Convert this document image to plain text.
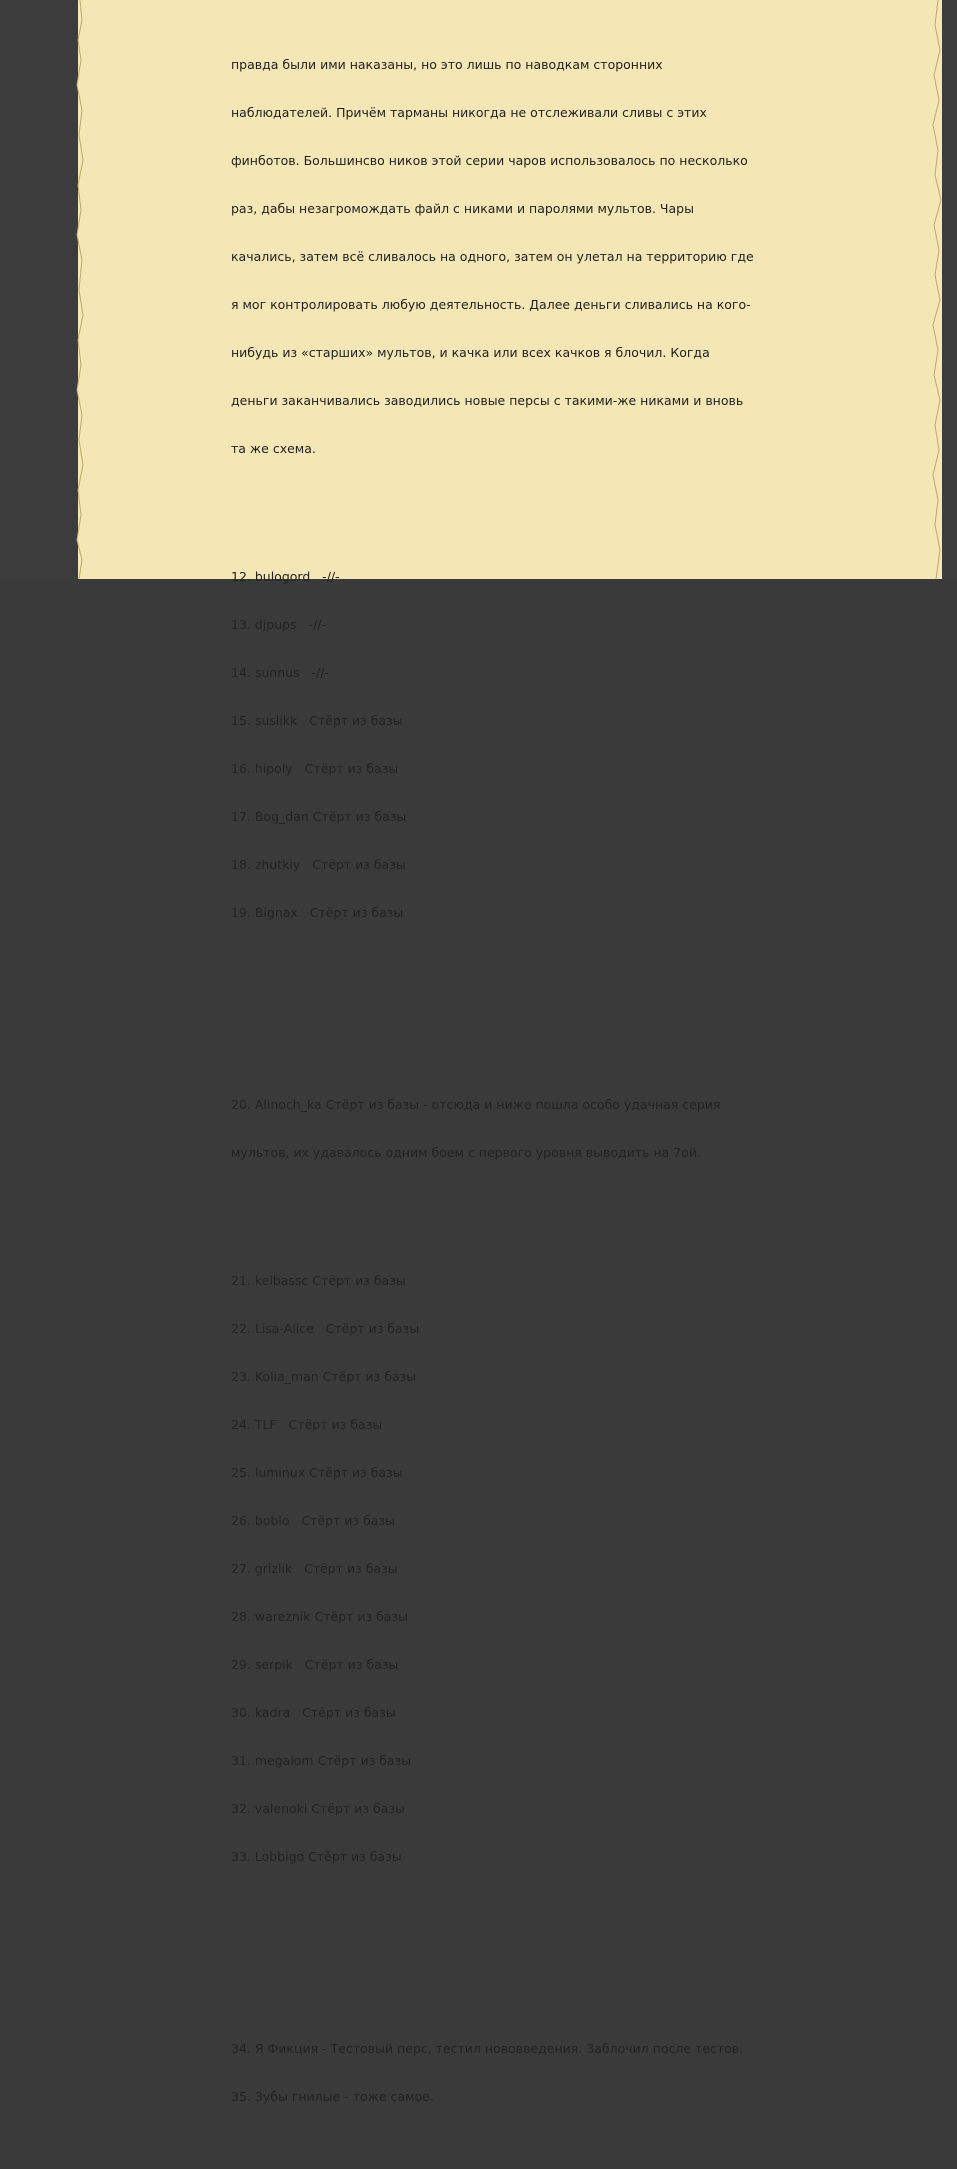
правда были ими наказаны, но это лишь по наводкам сторонних

наблюдателей. Причём тарманы никогда не отслеживали сливы с этих

финботов. Большинсво ников этой серии чаров использовалось по несколько

раз, дабы незагромождать файл с никами и паролями мультов. Чары

качались, затем всё сливалось на одного, затем он улетал на территорию где

я мог контролировать любую деятельность. Далее деньги сливались на кого-

нибудь из «старших» мультов, и качка или всех качков я блочил. Когда

деньги заканчивались заводились новые персы с такими-же никами и вновь

та же схема.

12. bulogord   -//-

13. djpups   -//-

14. sunnus   -//-

15. suslikk   Стёрт из базы

16. hipoly   Стёрт из базы

17. Bog_dan Стёрт из базы

18. zhutkiy   Стёрт из базы

19. Bignax   Стёрт из базы

20. Alinoch_ka Стёрт из базы - отсюда и ниже пошла особо удачная серия

мультов, их удавалось одним боем с первого уровня выводить на 7ой.

21. kelbassc Стёрт из базы

22. Lisa-Alice   Стёрт из базы

23. Kolia_man Стёрт из базы

24. TLF   Стёрт из базы

25. luminux Стёрт из базы

26. boblo   Стёрт из базы

27. grizlik   Стёрт из базы

28. wareznik Стёрт из базы

29. serpik   Стёрт из базы

30. kadra   Стёрт из базы

31. megalom Стёрт из базы

32. valenoki Стёрт из базы

33. Lobbigo Стёрт из базы

34. Я Фикция - Тестовый перс, тестил нововведения. Заблочил после тестов.

35. Зубы гнилые - тоже самое.
